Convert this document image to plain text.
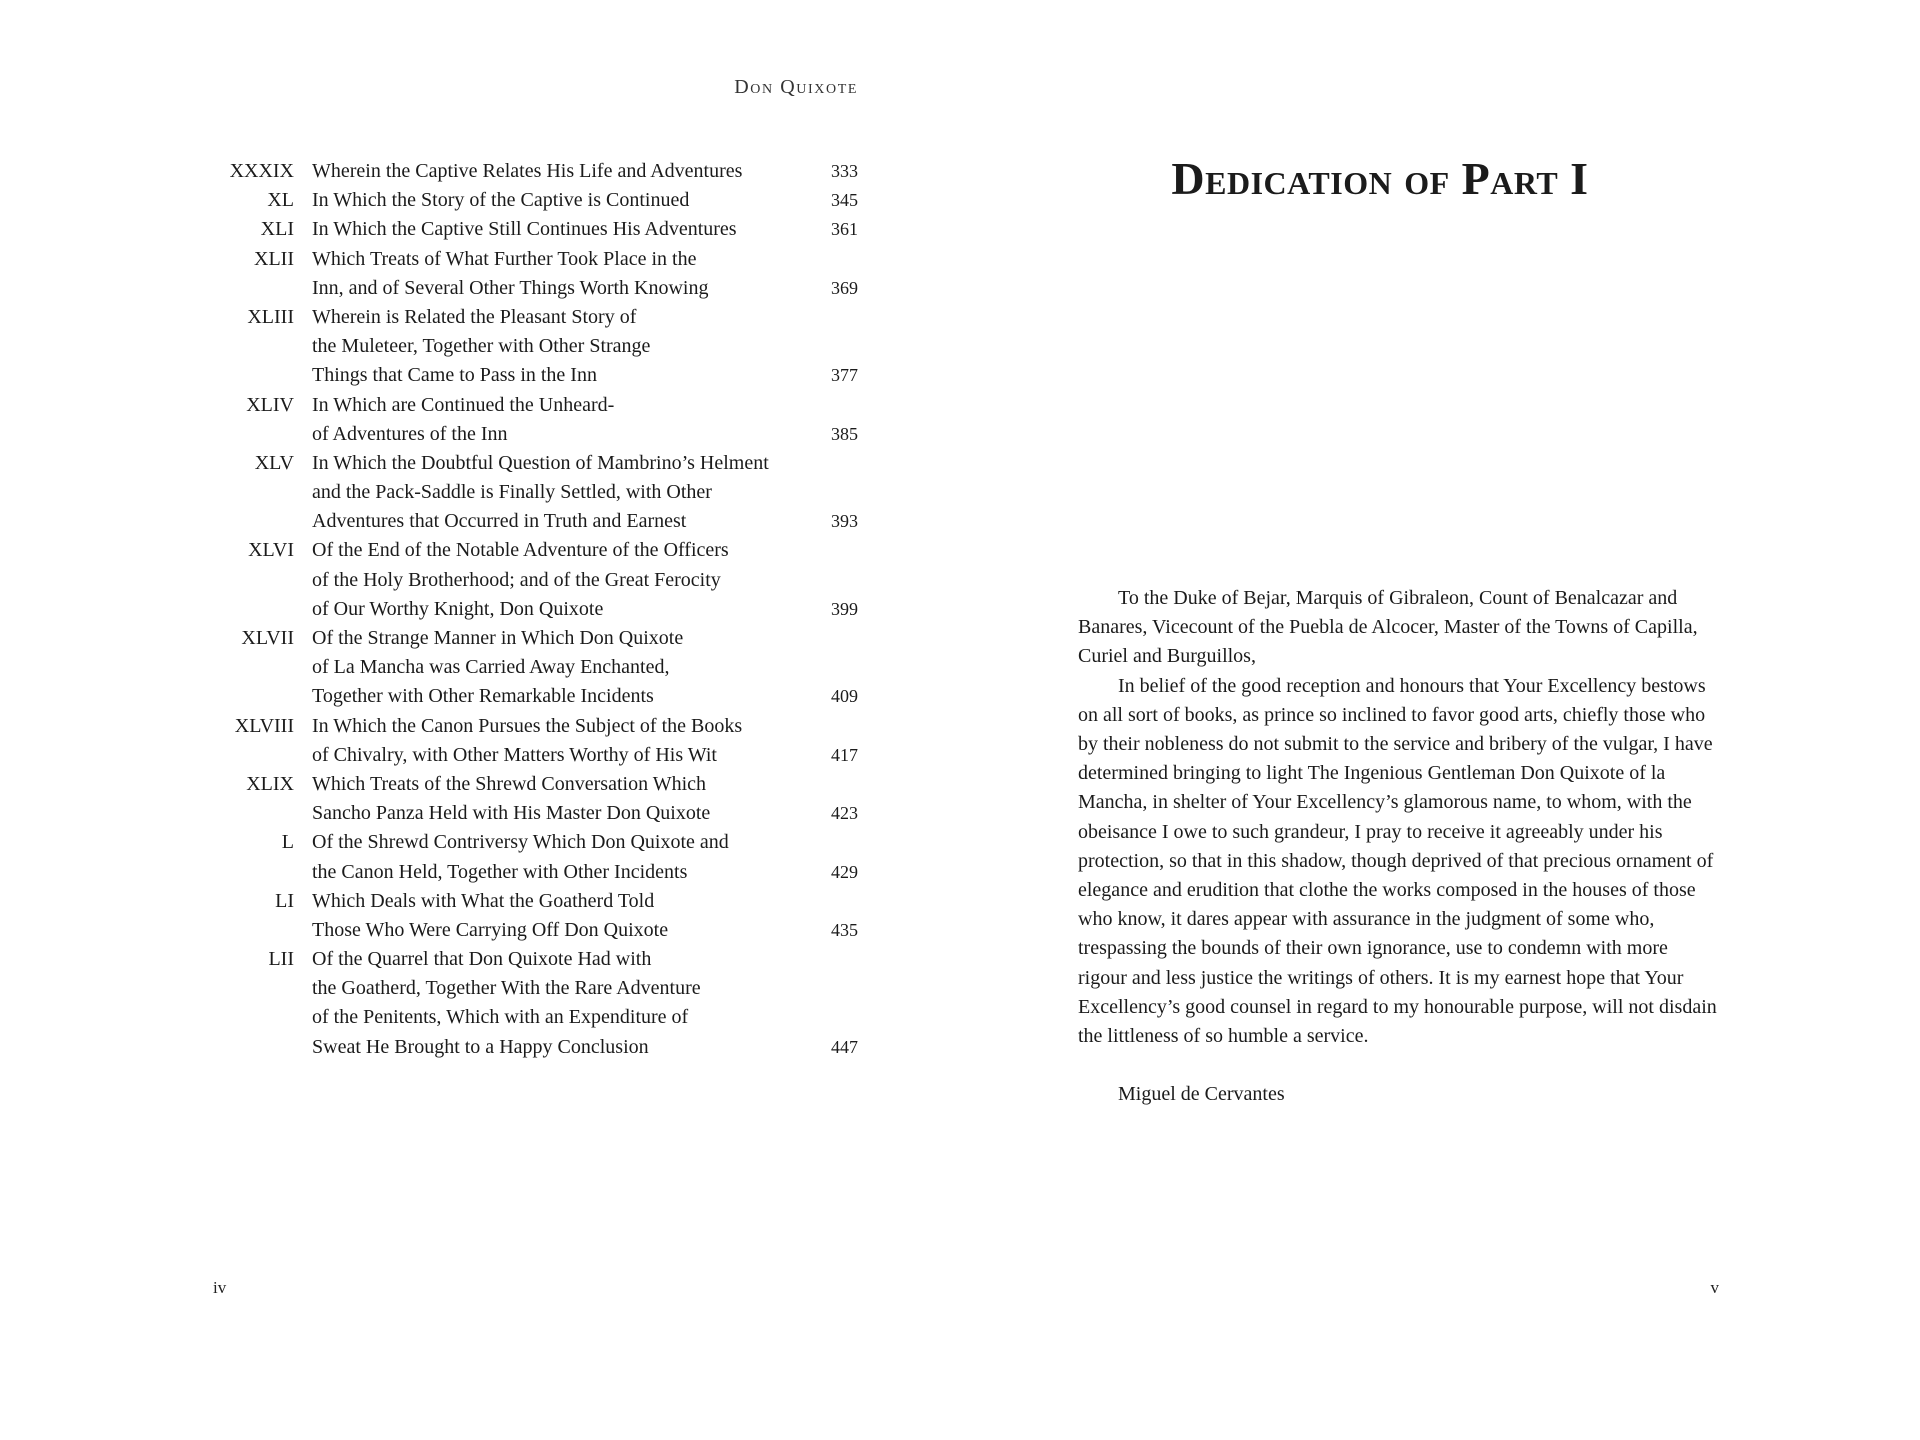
Don Quixote
XXXIX Wherein the Captive Relates His Life and Adventures	333
XL In Which the Story of the Captive is Continued	345
XLI In Which the Captive Still Continues His Adventures	361
XLII Which Treats of What Further Took Place in the
Inn, and of Several Other Things Worth Knowing	369
XLIII Wherein is Related the Pleasant Story of
the Muleteer, Together with Other Strange
Things that Came to Pass in the Inn	377
XLIV In Which are Continued the Unheard-
of Adventures of the Inn	385
XLV In Which the Doubtful Question of Mambrino’s Helment
and the Pack-Saddle is Finally Settled, with Other
Adventures that Occurred in Truth and Earnest	393
XLVI Of the End of the Notable Adventure of the Officers
of the Holy Brotherhood; and of the Great Ferocity
of Our Worthy Knight, Don Quixote	399
XLVII Of the Strange Manner in Which Don Quixote
of La Mancha was Carried Away Enchanted,
Together with Other Remarkable Incidents	409
XLVIII In Which the Canon Pursues the Subject of the Books
of Chivalry, with Other Matters Worthy of His Wit	417
XLIX Which Treats of the Shrewd Conversation Which
Sancho Panza Held with His Master Don Quixote	423
L Of the Shrewd Contriversy Which Don Quixote and
the Canon Held, Together with Other Incidents	429
LI Which Deals with What the Goatherd Told
Those Who Were Carrying Off Don Quixote	435
LII Of the Quarrel that Don Quixote Had with
the Goatherd, Together With the Rare Adventure
of the Penitents, Which with an Expenditure of
Sweat He Brought to a Happy Conclusion	447
iv
Dedication of Part I

To the Duke of Bejar, Marquis of Gibraleon, Count of Benalcazar and Banares, Vicecount of the Puebla de Alcocer, Master of the Towns of Capilla, Curiel and Burguillos,

In belief of the good reception and honours that Your Excellency bestows on all sort of books, as prince so inclined to favor good arts, chiefly those who by their nobleness do not submit to the service and bribery of the vulgar, I have determined bringing to light The Ingenious Gentleman Don Quixote of la Mancha, in shelter of Your Excellency’s glamorous name, to whom, with the obeisance I owe to such grandeur, I pray to receive it agreeably under his protection, so that in this shadow, though deprived of that precious ornament of elegance and erudition that clothe the works composed in the houses of those who know, it dares appear with assurance in the judgment of some who, trespassing the bounds of their own ignorance, use to condemn with more rigour and less justice the writings of others. It is my earnest hope that Your Excellency’s good counsel in regard to my honourable purpose, will not disdain the littleness of so humble a service.

Miguel de Cervantes

v
